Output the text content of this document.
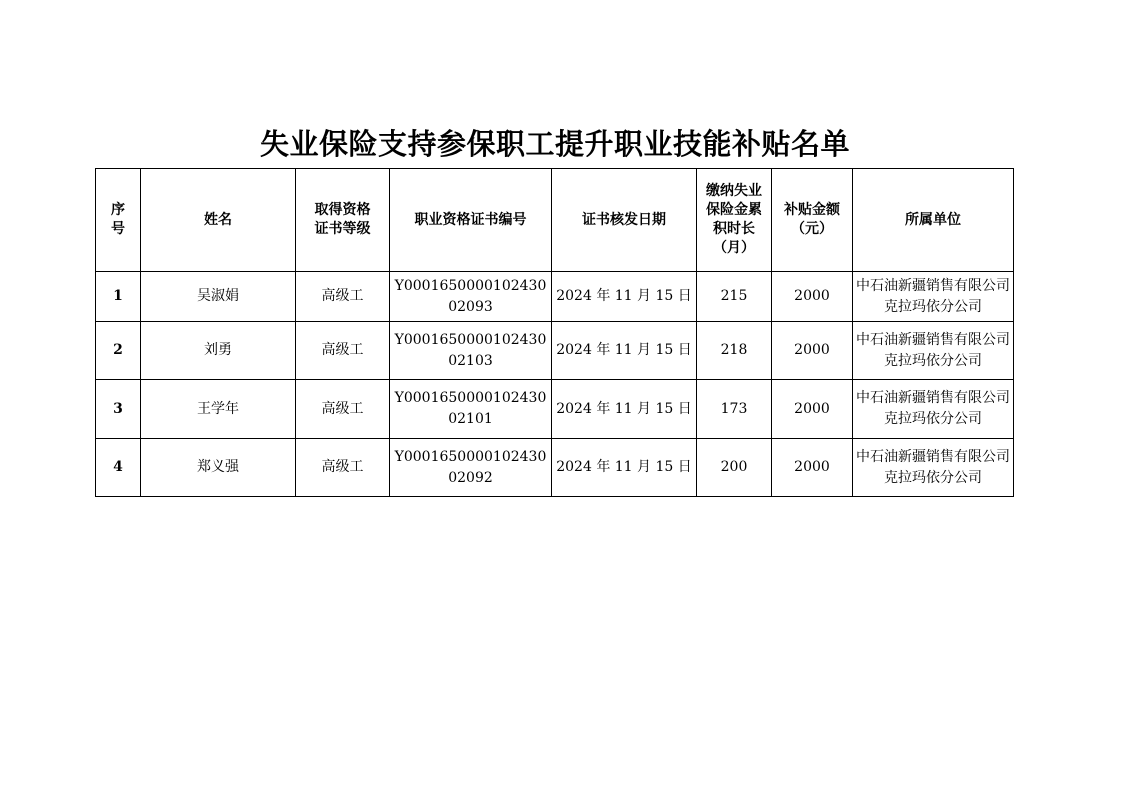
失业保险支持参保职工提升职业技能补贴名单
序号	姓名	取得资格证书等级	职业资格证书编号	证书核发日期	缴纳失业保险金累积时长（月）	补贴金额（元）	所属单位
1	吴淑娟	高级工	Y000165000010243002093	2024 年 11 月 15 日	215	2000	中石油新疆销售有限公司克拉玛依分公司
2	刘勇	高级工	Y000165000010243002103	2024 年 11 月 15 日	218	2000	中石油新疆销售有限公司克拉玛依分公司
3	王学年	高级工	Y000165000010243002101	2024 年 11 月 15 日	173	2000	中石油新疆销售有限公司克拉玛依分公司
4	郑义强	高级工	Y000165000010243002092	2024 年 11 月 15 日	200	2000	中石油新疆销售有限公司克拉玛依分公司
